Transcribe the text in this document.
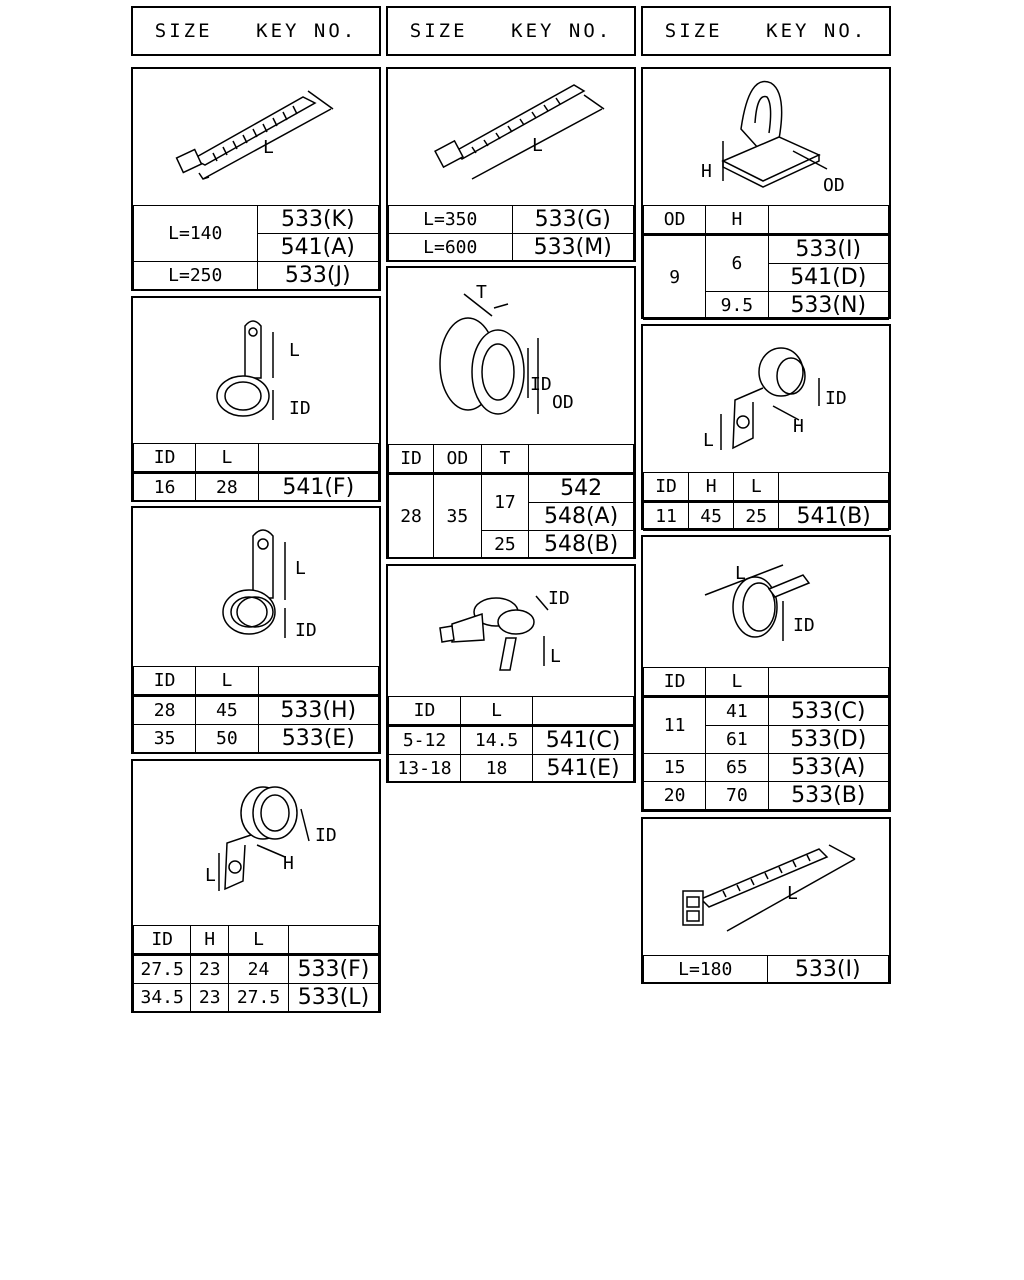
SIZE KEY NO.
L
L=140	533(K)
	541(A)
L=250	533(J)
L
ID
ID	L	
16	28	541(F)
L
ID
ID	L	
28	45	533(H)
35	50	533(E)
L
H
ID
ID	H	L	
27.5	23	24	533(F)
34.5	23	27.5	533(L)
SIZE KEY NO.
L
L=350	533(G)
L=600	533(M)
T
ID
OD
ID	OD	T	
28	35	17	542
			548(A)
		25	548(B)
ID
L
ID	L	
5-12	14.5	541(C)
13-18	18	541(E)
SIZE KEY NO.
H
OD
OD	H	
9	6	533(I)
		541(D)
	9.5	533(N)
L
H
ID
ID	H	L	
11	45	25	541(B)
L
ID
ID	L	
11	41	533(C)
	61	533(D)
15	65	533(A)
20	70	533(B)
L
L=180	533(I)
